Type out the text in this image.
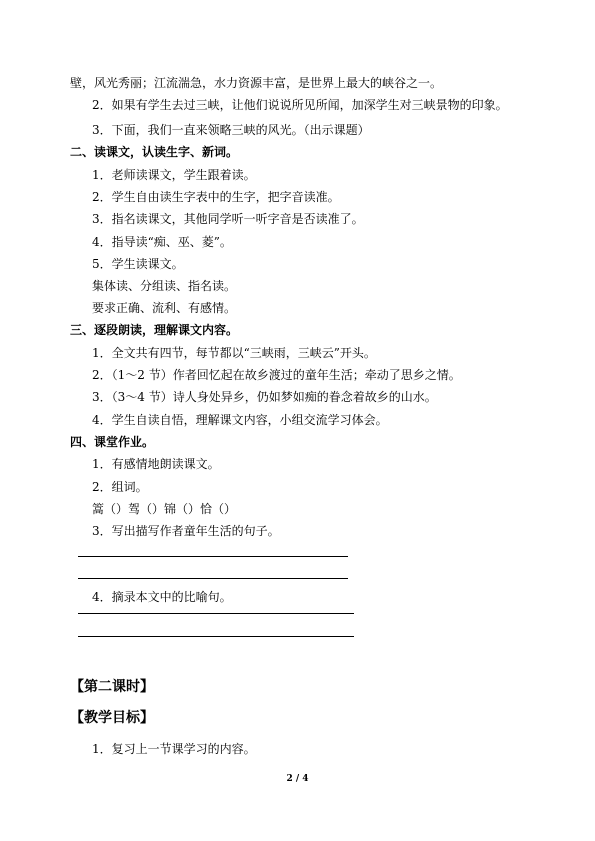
壁，风光秀丽；江流湍急，水力资源丰富，是世界上最大的峡谷之一。
2．如果有学生去过三峡，让他们说说所见所闻，加深学生对三峡景物的印象。
3．下面，我们一直来领略三峡的风光。（出示课题）
二、读课文，认读生字、新词。
1．老师读课文，学生跟着读。
2．学生自由读生字表中的生字，把字音读准。
3．指名读课文，其他同学听一听字音是否读准了。
4．指导读“痴、巫、菱”。
5．学生读课文。
集体读、分组读、指名读。
要求正确、流利、有感情。
三、逐段朗读，理解课文内容。
1．全文共有四节，每节都以“三峡雨，三峡云”开头。
2．（1～2 节）作者回忆起在故乡渡过的童年生活；牵动了思乡之情。
3．（3～4 节）诗人身处异乡，仍如梦如痴的眷念着故乡的山水。
4．学生自读自悟，理解课文内容，小组交流学习体会。
四、课堂作业。
1．有感情地朗读课文。
2．组词。
篙（）驾（）锦（）恰（）
3．写出描写作者童年生活的句子。
4．摘录本文中的比喻句。
【第二课时】
【教学目标】
1．复习上一节课学习的内容。
2 / 4
